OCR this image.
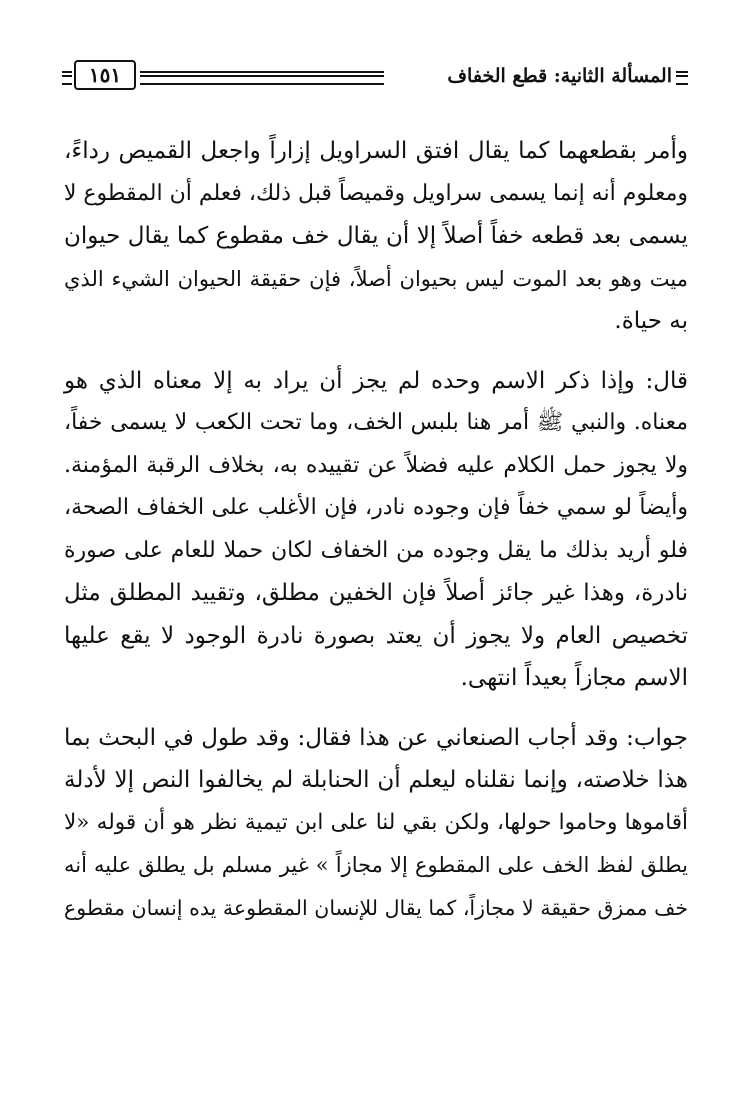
المسألة الثانية: قطع الخفاف
١٥١

وأمر بقطعهما كما يقال افتق السراويل إزاراً واجعل القميص رداءً،
ومعلوم أنه إنما يسمى سراويل وقميصاً قبل ذلك، فعلم أن المقطوع لا
يسمى بعد قطعه خفاً أصلاً إلا أن يقال خف مقطوع كما يقال حيوان
ميت وهو بعد الموت ليس بحيوان أصلاً، فإن حقيقة الحيوان الشيء الذي
به حياة.

قال: وإذا ذكر الاسم وحده لم يجز أن يراد به إلا معناه الذي هو
معناه. والنبي ﷺ أمر هنا بلبس الخف، وما تحت الكعب لا يسمى خفاً،
ولا يجوز حمل الكلام عليه فضلاً عن تقييده به، بخلاف الرقبة المؤمنة.
وأيضاً لو سمي خفاً فإن وجوده نادر، فإن الأغلب على الخفاف الصحة،
فلو أريد بذلك ما يقل وجوده من الخفاف لكان حملا للعام على صورة
نادرة، وهذا غير جائز أصلاً فإن الخفين مطلق، وتقييد المطلق مثل
تخصيص العام ولا يجوز أن يعتد بصورة نادرة الوجود لا يقع عليها
الاسم مجازاً بعيداً انتهى.

جواب: وقد أجاب الصنعاني عن هذا فقال: وقد طول في البحث بما
هذا خلاصته، وإنما نقلناه ليعلم أن الحنابلة لم يخالفوا النص إلا لأدلة
أقاموها وحاموا حولها، ولكن بقي لنا على ابن تيمية نظر هو أن قوله «لا
يطلق لفظ الخف على المقطوع إلا مجازاً » غير مسلم بل يطلق عليه أنه
خف ممزق حقيقة لا مجازاً، كما يقال للإنسان المقطوعة يده إنسان مقطوع
